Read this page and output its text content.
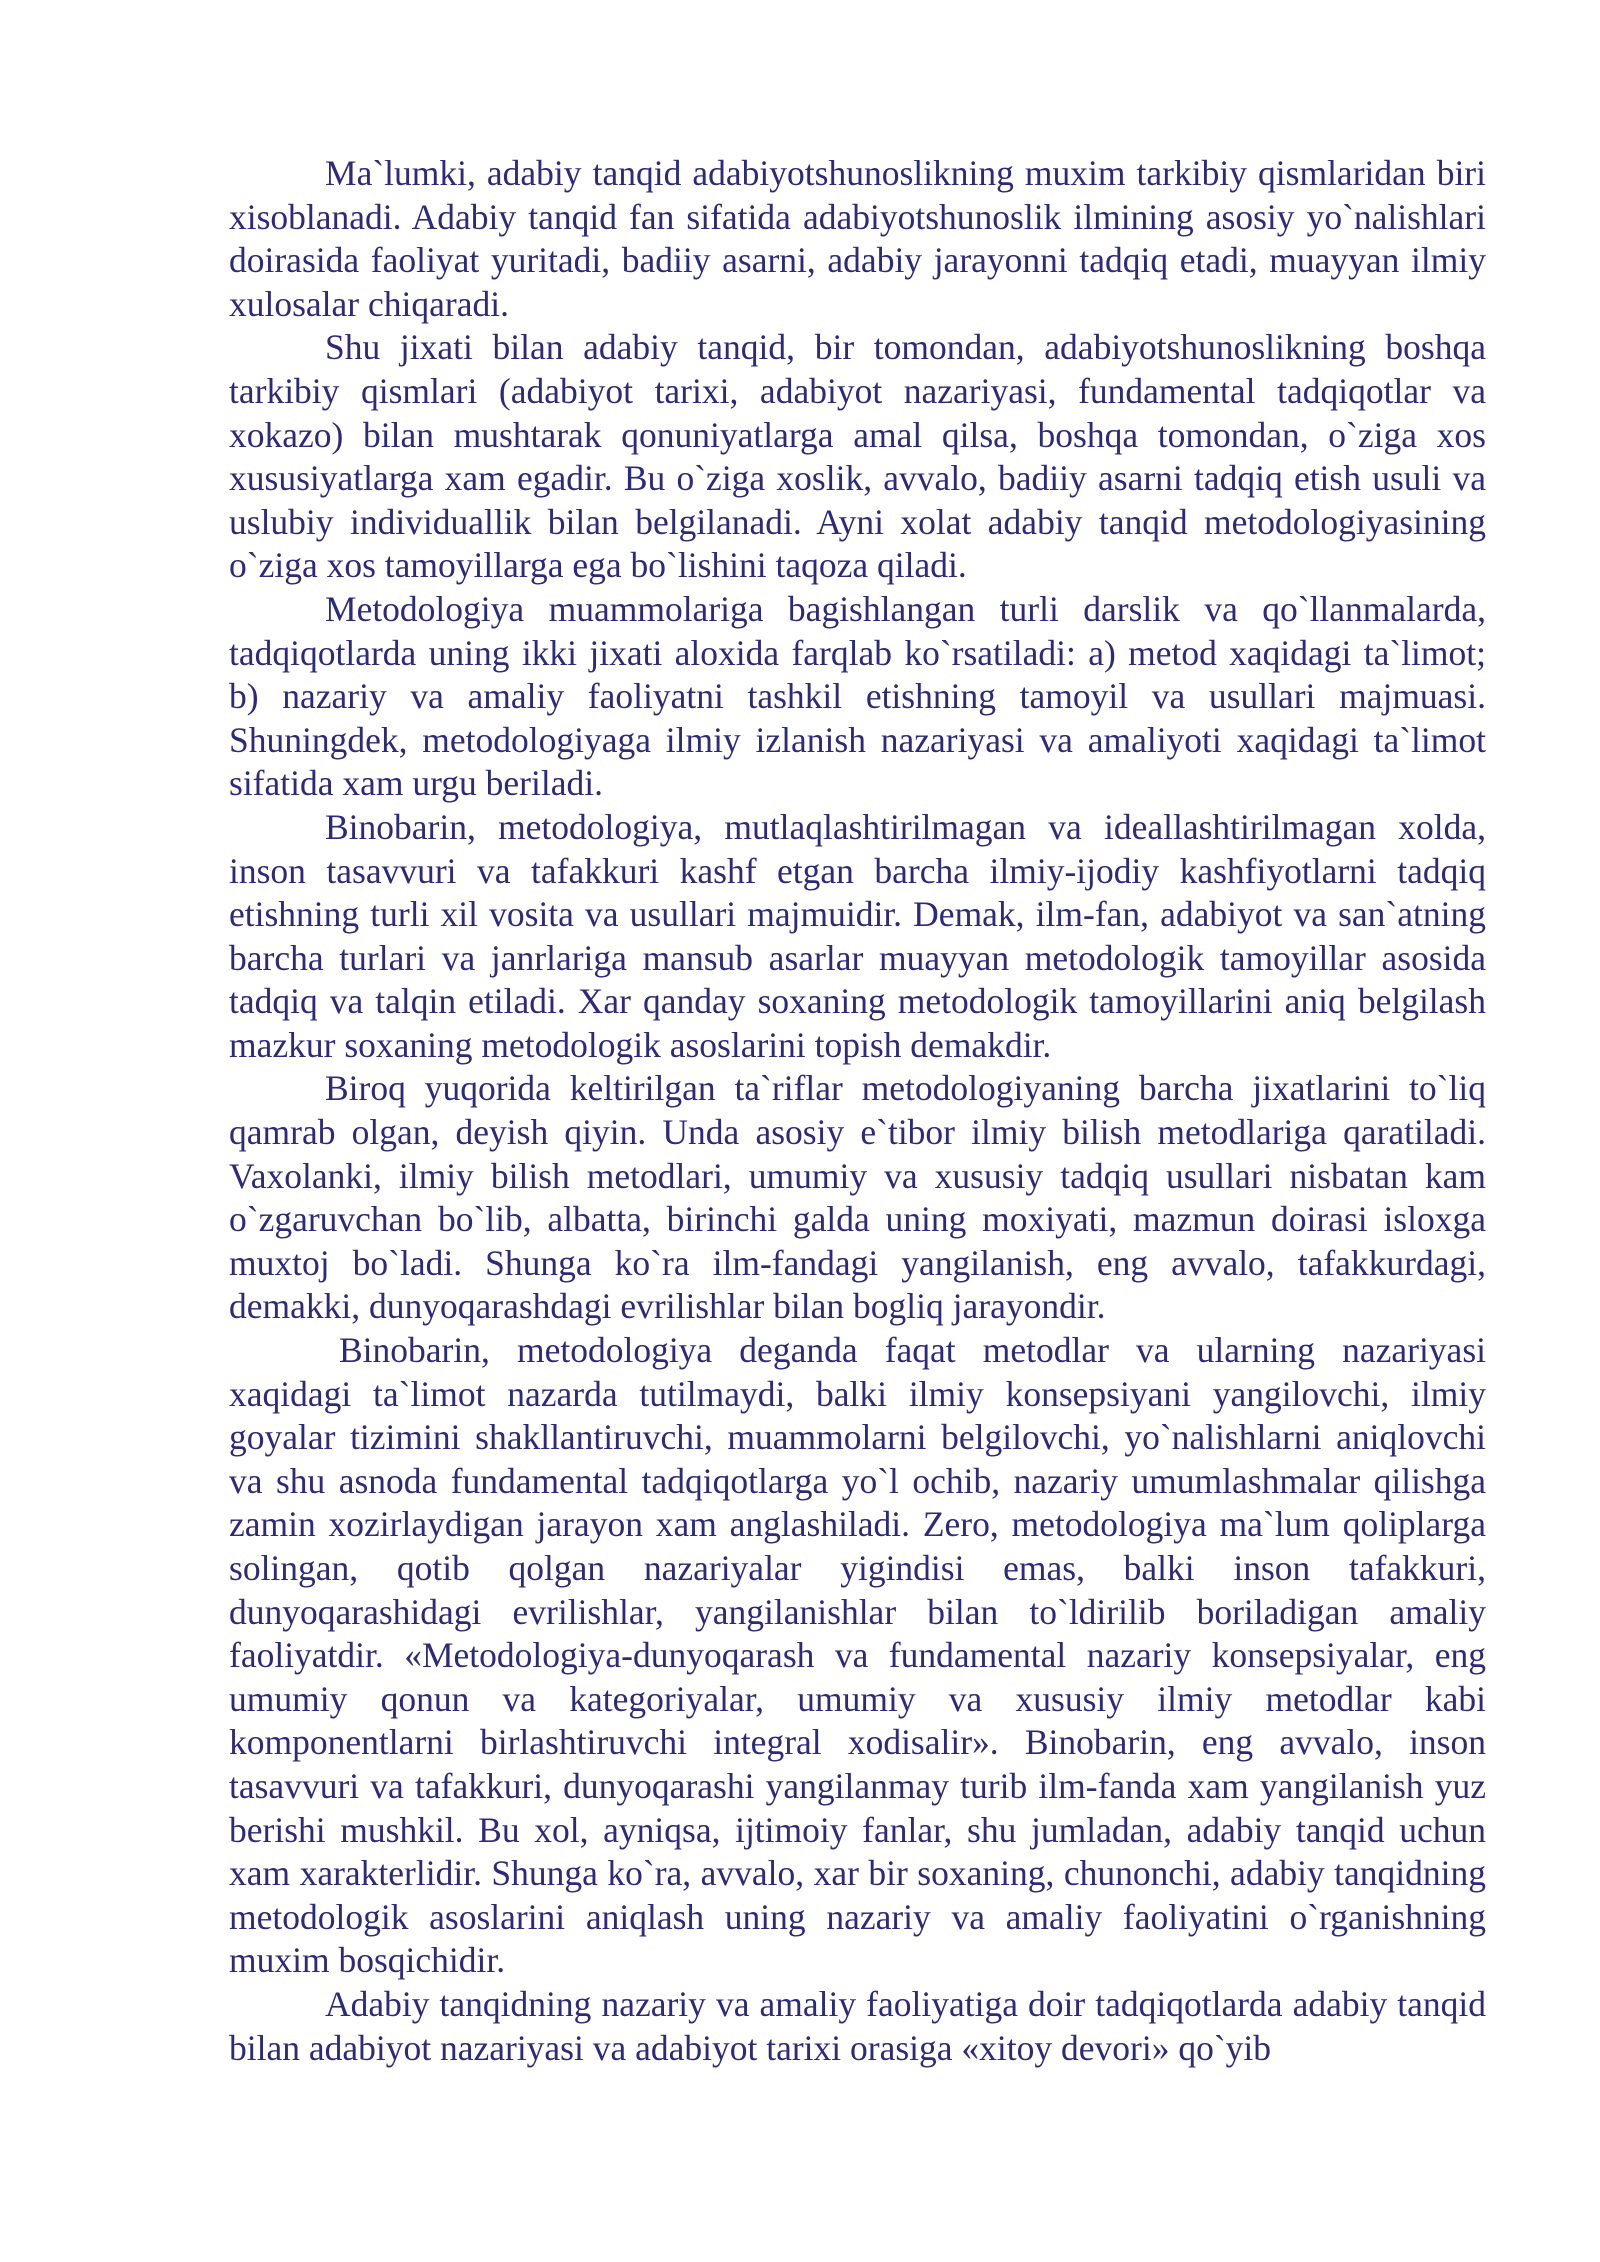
Ma`lumki, adabiy tanqid adabiyotshunoslikning muxim tarkibiy qismlaridan biri xisoblanadi. Adabiy tanqid fan sifatida adabiyotshunoslik ilmining asosiy yo`nalishlari doirasida faoliyat yuritadi, badiiy asarni, adabiy jarayonni tadqiq etadi, muayyan ilmiy xulosalar chiqaradi.

Shu jixati bilan adabiy tanqid, bir tomondan, adabiyotshunoslikning boshqa tarkibiy qismlari (adabiyot tarixi, adabiyot nazariyasi, fundamental tadqiqotlar va xokazo) bilan mushtarak qonuniyatlarga amal qilsa, boshqa tomondan, o`ziga xos xususiyatlarga xam egadir. Bu o`ziga xoslik, avvalo, badiiy asarni tadqiq etish usuli va uslubiy individuallik bilan belgilanadi. Ayni xolat adabiy tanqid metodologiyasining o`ziga xos tamoyillarga ega bo`lishini taqoza qiladi.

Metodologiya muammolariga bagishlangan turli darslik va qo`llanmalarda, tadqiqotlarda uning ikki jixati aloxida farqlab ko`rsatiladi: a) metod xaqidagi ta`limot; b) nazariy va amaliy faoliyatni tashkil etishning tamoyil va usullari majmuasi. Shuningdek, metodologiyaga ilmiy izlanish nazariyasi va amaliyoti xaqidagi ta`limot sifatida xam urgu beriladi.

Binobarin, metodologiya, mutlaqlashtirilmagan va ideallashtirilmagan xolda, inson tasavvuri va tafakkuri kashf etgan barcha ilmiy-ijodiy kashfiyotlarni tadqiq etishning turli xil vosita va usullari majmuidir. Demak, ilm-fan, adabiyot va san`atning barcha turlari va janrlariga mansub asarlar muayyan metodologik tamoyillar asosida tadqiq va talqin etiladi. Xar qanday soxaning metodologik tamoyillarini aniq belgilash mazkur soxaning metodologik asoslarini topish demakdir.

Biroq yuqorida keltirilgan ta`riflar metodologiyaning barcha jixatlarini to`liq qamrab olgan, deyish qiyin. Unda asosiy e`tibor ilmiy bilish metodlariga qaratiladi. Vaxolanki, ilmiy bilish metodlari, umumiy va xususiy tadqiq usullari nisbatan kam o`zgaruvchan bo`lib, albatta, birinchi galda uning moxiyati, mazmun doirasi isloxga muxtoj bo`ladi. Shunga ko`ra ilm-fandagi yangilanish, eng avvalo, tafakkurdagi, demakki, dunyoqarashdagi evrilishlar bilan bogliq jarayondir.

Binobarin, metodologiya deganda faqat metodlar va ularning nazariyasi xaqidagi ta`limot nazarda tutilmaydi, balki ilmiy konsepsiyani yangilovchi, ilmiy goyalar tizimini shakllantiruvchi, muammolarni belgilovchi, yo`nalishlarni aniqlovchi va shu asnoda fundamental tadqiqotlarga yo`l ochib, nazariy umumlashmalar qilishga zamin xozirlaydigan jarayon xam anglashiladi. Zero, metodologiya ma`lum qoliplarga solingan, qotib qolgan nazariyalar yigindisi emas, balki inson tafakkuri, dunyoqarashidagi evrilishlar, yangilanishlar bilan to`ldirilib boriladigan amaliy faoliyatdir. «Metodologiya-dunyoqarash va fundamental nazariy konsepsiyalar, eng umumiy qonun va kategoriyalar, umumiy va xususiy ilmiy metodlar kabi komponentlarni birlashtiruvchi integral xodisalir». Binobarin, eng avvalo, inson tasavvuri va tafakkuri, dunyoqarashi yangilanmay turib ilm-fanda xam yangilanish yuz berishi mushkil. Bu xol, ayniqsa, ijtimoiy fanlar, shu jumladan, adabiy tanqid uchun xam xarakterlidir. Shunga ko`ra, avvalo, xar bir soxaning, chunonchi, adabiy tanqidning metodologik asoslarini aniqlash uning nazariy va amaliy faoliyatini o`rganishning muxim bosqichidir.

Adabiy tanqidning nazariy va amaliy faoliyatiga doir tadqiqotlarda adabiy tanqid bilan adabiyot nazariyasi va adabiyot tarixi orasiga «xitoy devori» qo`yib
